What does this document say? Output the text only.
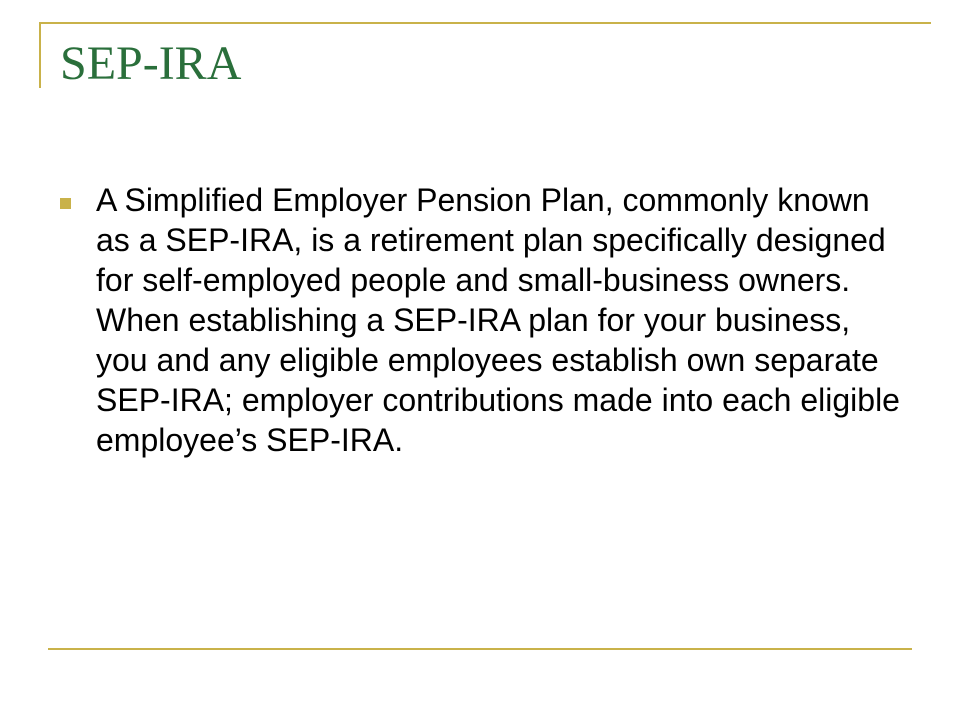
SEP-IRA
A Simplified Employer Pension Plan, commonly known as a SEP-IRA, is a retirement plan specifically designed for self-employed people and small-business owners. When establishing a SEP-IRA plan for your business, you and any eligible employees establish own separate SEP-IRA; employer contributions made into each eligible employee’s SEP-IRA.
